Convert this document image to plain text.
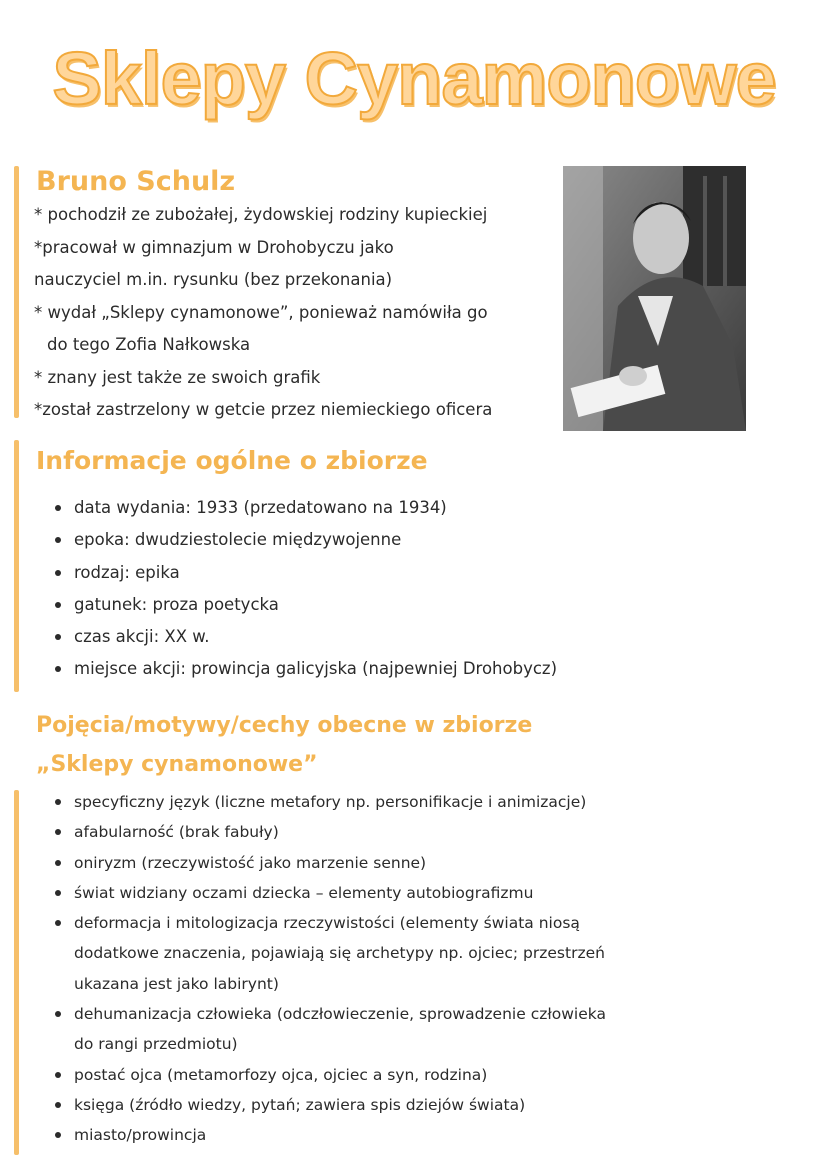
Sklepy Cynamonowe
Bruno Schulz
* pochodził ze zubożałej, żydowskiej rodziny kupieckiej
*pracował w gimnazjum w Drohobyczu jako
nauczyciel m.in. rysunku (bez przekonania)
* wydał „Sklepy cynamonowe”, ponieważ namówiła go
do tego Zofia Nałkowska
* znany jest także ze swoich grafik
*został zastrzelony w getcie przez niemieckiego oficera
Informacje ogólne o zbiorze
data wydania: 1933 (przedatowano na 1934)
epoka: dwudziestolecie międzywojenne
rodzaj: epika
gatunek: proza poetycka
czas akcji: XX w.
miejsce akcji: prowincja galicyjska (najpewniej Drohobycz)
Pojęcia/motywy/cechy obecne w zbiorze
„Sklepy cynamonowe”
specyficzny język (liczne metafory np. personifikacje i animizacje)
afabularność (brak fabuły)
oniryzm (rzeczywistość jako marzenie senne)
świat widziany oczami dziecka – elementy autobiografizmu
deformacja i mitologizacja rzeczywistości (elementy świata niosą
dodatkowe znaczenia, pojawiają się archetypy np. ojciec; przestrzeń
ukazana jest jako labirynt)
dehumanizacja człowieka (odczłowieczenie, sprowadzenie człowieka
do rangi przedmiotu)
postać ojca (metamorfozy ojca, ojciec a syn, rodzina)
księga (źródło wiedzy, pytań; zawiera spis dziejów świata)
miasto/prowincja
